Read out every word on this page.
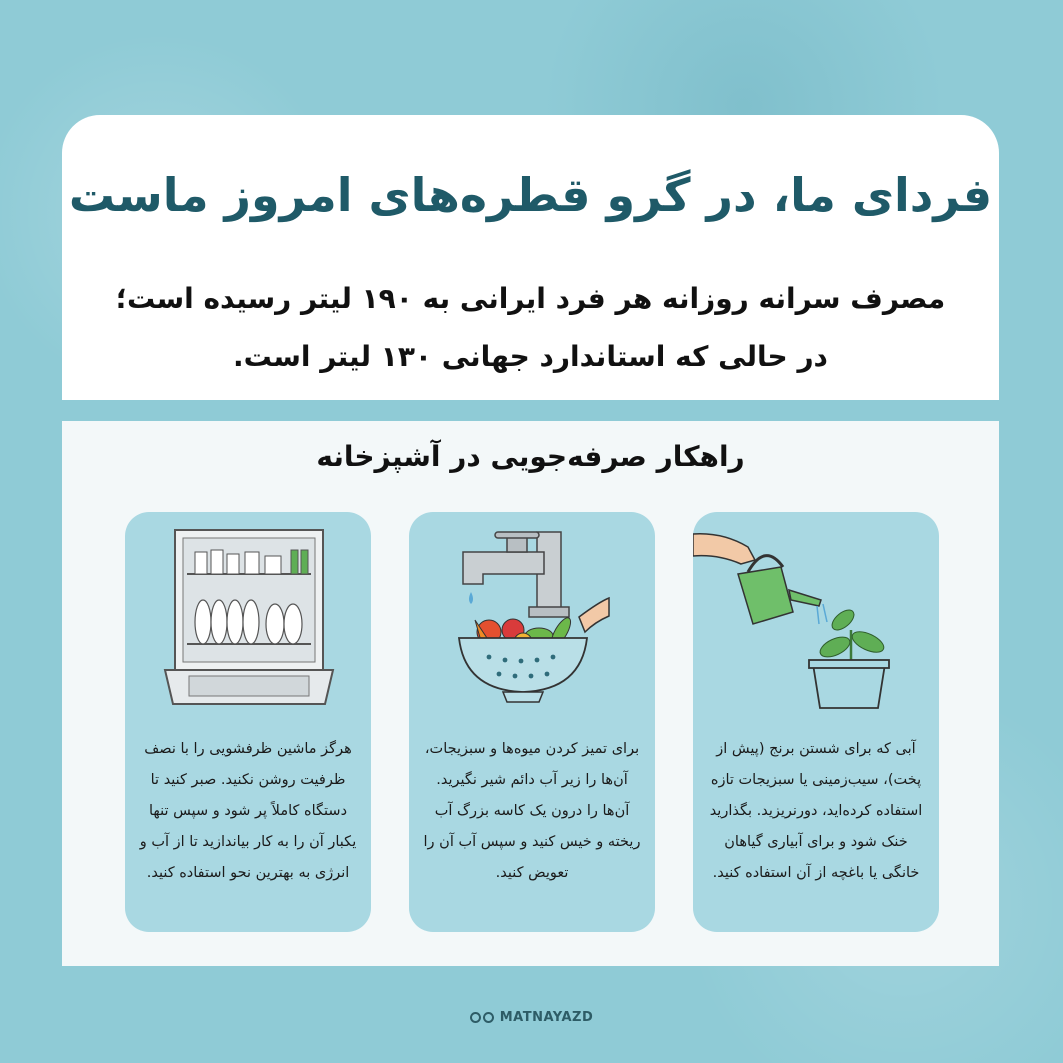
فردای ما، در گرو قطره‌های امروز ماست
مصرف سرانه روزانه هر فرد ایرانی به ۱۹۰ لیتر رسیده است؛
در حالی که استاندارد جهانی ۱۳۰ لیتر است.
راهکار صرفه‌جویی در آشپزخانه
آبی که برای شستن برنج (پیش از پخت)، سیب‌زمینی یا سبزیجات تازه استفاده کرده‌اید، دورنریزید. بگذارید خنک شود و برای آبیاری گیاهان خانگی یا باغچه از آن استفاده کنید.
برای تمیز کردن میوه‌ها و سبزیجات، آن‌ها را زیر آب دائم شیر نگیرید. آن‌ها را درون یک کاسه بزرگ آب ریخته و خیس کنید و سپس آب آن را تعویض کنید.
هرگز ماشین ظرفشویی را با نصف ظرفیت روشن نکنید. صبر کنید تا دستگاه کاملاً پر شود و سپس تنها یکبار آن را به کار بیاندازید تا از آب و انرژی به بهترین نحو استفاده کنید.
MATNAYAZD
